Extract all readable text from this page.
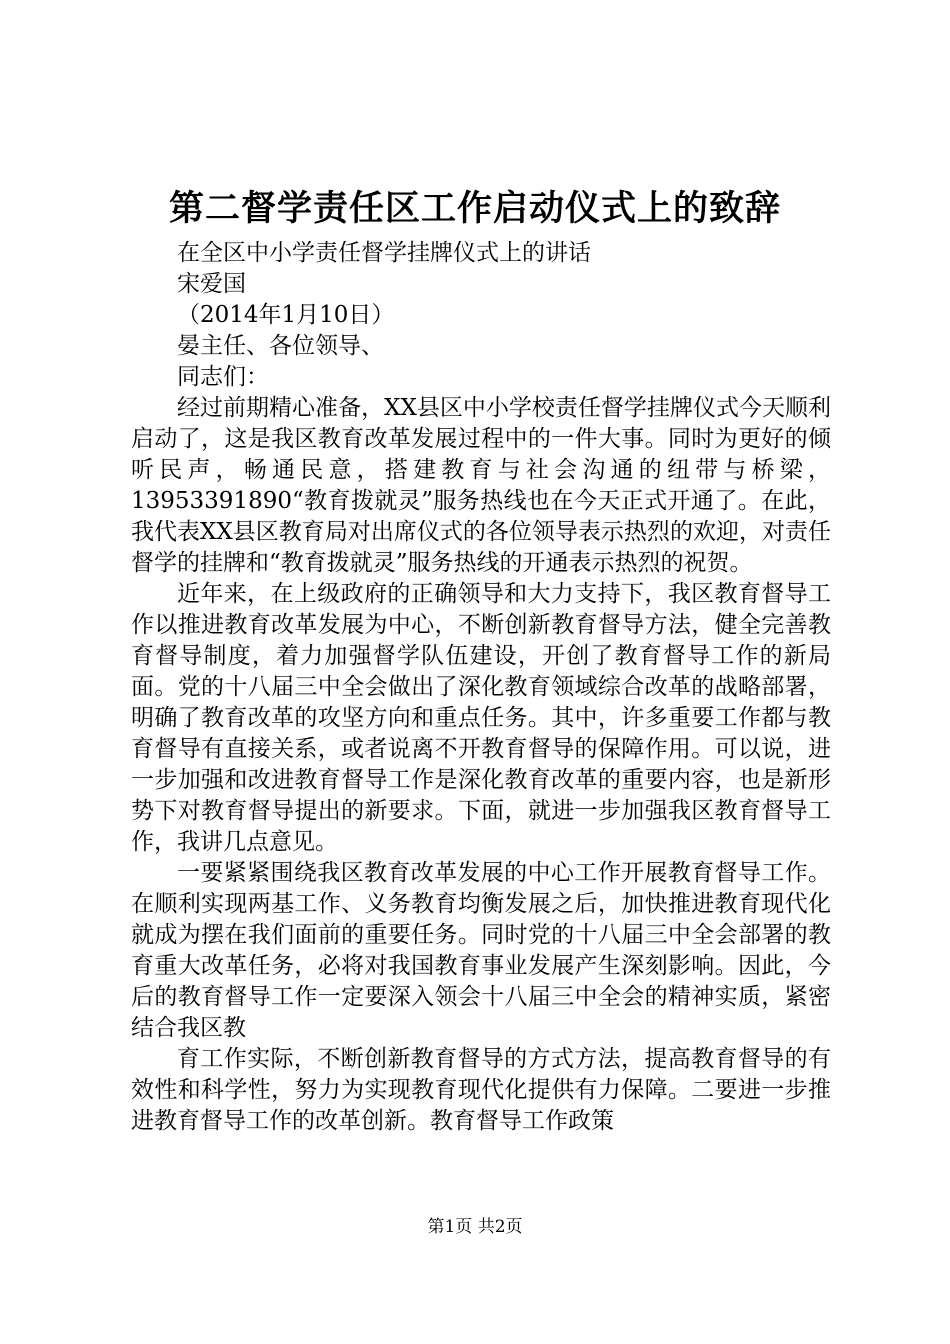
第二督学责任区工作启动仪式上的致辞

在全区中小学责任督学挂牌仪式上的讲话

宋爱国

（2014年1月10日）

晏主任、各位领导、

同志们：

经过前期精心准备，XX县区中小学校责任督学挂牌仪式今天顺利启动了，这是我区教育改革发展过程中的一件大事。同时为更好的倾听民声，畅通民意，搭建教育与社会沟通的纽带与桥梁，13953391890“教育拨就灵”服务热线也在今天正式开通了。在此，我代表XX县区教育局对出席仪式的各位领导表示热烈的欢迎，对责任督学的挂牌和“教育拨就灵”服务热线的开通表示热烈的祝贺。

近年来，在上级政府的正确领导和大力支持下，我区教育督导工作以推进教育改革发展为中心，不断创新教育督导方法，健全完善教育督导制度，着力加强督学队伍建设，开创了教育督导工作的新局面。党的十八届三中全会做出了深化教育领域综合改革的战略部署，明确了教育改革的攻坚方向和重点任务。其中，许多重要工作都与教育督导有直接关系，或者说离不开教育督导的保障作用。可以说，进一步加强和改进教育督导工作是深化教育改革的重要内容，也是新形势下对教育督导提出的新要求。下面，就进一步加强我区教育督导工作，我讲几点意见。

一要紧紧围绕我区教育改革发展的中心工作开展教育督导工作。在顺利实现两基工作、义务教育均衡发展之后，加快推进教育现代化就成为摆在我们面前的重要任务。同时党的十八届三中全会部署的教育重大改革任务，必将对我国教育事业发展产生深刻影响。因此，今后的教育督导工作一定要深入领会十八届三中全会的精神实质，紧密结合我区教

育工作实际，不断创新教育督导的方式方法，提高教育督导的有效性和科学性，努力为实现教育现代化提供有力保障。二要进一步推进教育督导工作的改革创新。教育督导工作政策

第1页 共2页
